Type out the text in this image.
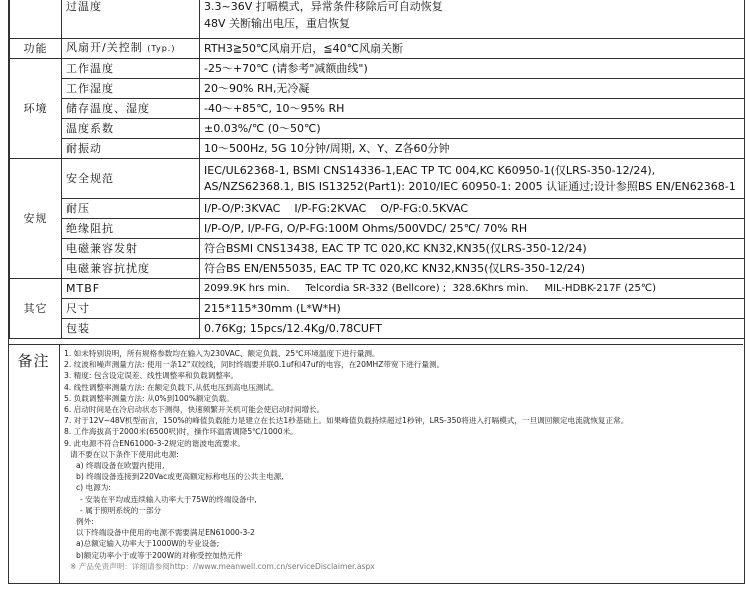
	过温度	3.3~36V 打嗝模式，异常条件移除后可自动恢复
48V 关断输出电压，重启恢复

功能	风扇开/关控制 (Typ.)	RTH3≧50℃风扇开启，≦40℃风扇关断
环境	工作温度	-25～+70℃ (请参考"减额曲线")
	工作湿度	20～90% RH,无冷凝
	储存温度、湿度	-40～+85℃, 10～95% RH
	温度系数	±0.03%/℃ (0～50℃)
	耐振动	10～500Hz, 5G 10分钟/周期, X、Y、Z各60分钟
安规	安全规范	IEC/UL62368-1, BSMI CNS14336-1,EAC TP TC 004,KC K60950-1(仅LRS-350-12/24),
AS/NZS62368.1, BIS IS13252(Part1): 2010/IEC 60950-1: 2005 认证通过;设计参照BS EN/EN62368-1

	耐压	I/P-O/P:3KVAC    I/P-FG:2KVAC    O/P-FG:0.5KVAC
	绝缘阻抗	I/P-O/P, I/P-FG, O/P-FG:100M Ohms/500VDC/ 25℃/ 70% RH
	电磁兼容发射	符合BSMI CNS13438, EAC TP TC 020,KC KN32,KN35(仅LRS-350-12/24)
	电磁兼容抗扰度	符合BS EN/EN55035, EAC TP TC 020,KC KN32,KN35(仅LRS-350-12/24)
其它	MTBF	2099.9K hrs min.     Telcordia SR-332 (Bellcore) ;  328.6Khrs min.     MIL-HDBK-217F (25℃)
	尺寸	215*115*30mm (L*W*H)
	包装	0.76Kg; 15pcs/12.4Kg/0.78CUFT
备注	1. 如未特别说明，所有规格参数均在输入为230VAC、额定负载、25℃环境温度下进行量测。
2. 纹波和噪声测量方法: 使用一条12"双绞线，同时终端要并联0.1uf和47uf的电容，在20MHZ带宽下进行量测。
3. 精度: 包含设定误差、线性调整率和负载调整率。
4. 线性调整率测量方法: 在额定负载下,从低电压到高电压测试。
5. 负载调整率测量方法: 从0%到100%额定负载。
6. 启动时间是在冷启动状态下测得，快速频繁开关机可能会使启动时间增长。
7. 对于12V~48V机型而言，150%的峰值负载能力是建立在长达1秒基础上。如果峰值负载持续超过1秒钟，LRS-350将进入打嗝模式，一旦调回额定电流就恢复正常。
8. 工作海拔高于2000米(6500呎)时，操作环温需调降5℃/1000米。
9. 此电源不符合EN61000-3-2规定的谐波电流要求。
请不要在以下条件下使用此电源:
a) 终端设备在欧盟内使用,
b) 终端设备连接到220Vac或更高额定标称电压的公共主电源,
c) 电源为:
- 安装在平均或连续输入功率大于75W的终端设备中,
- 属于照明系统的一部分
例外:
以下终端设备中使用的电源不需要满足EN61000-3-2
a)总额定输入功率大于1000W的专业设备;
b)额定功率小于或等于200W的对称受控加热元件
※ 产品免责声明：详细请参阅http：//www.meanwell.com.cn/serviceDisclaimer.aspx
